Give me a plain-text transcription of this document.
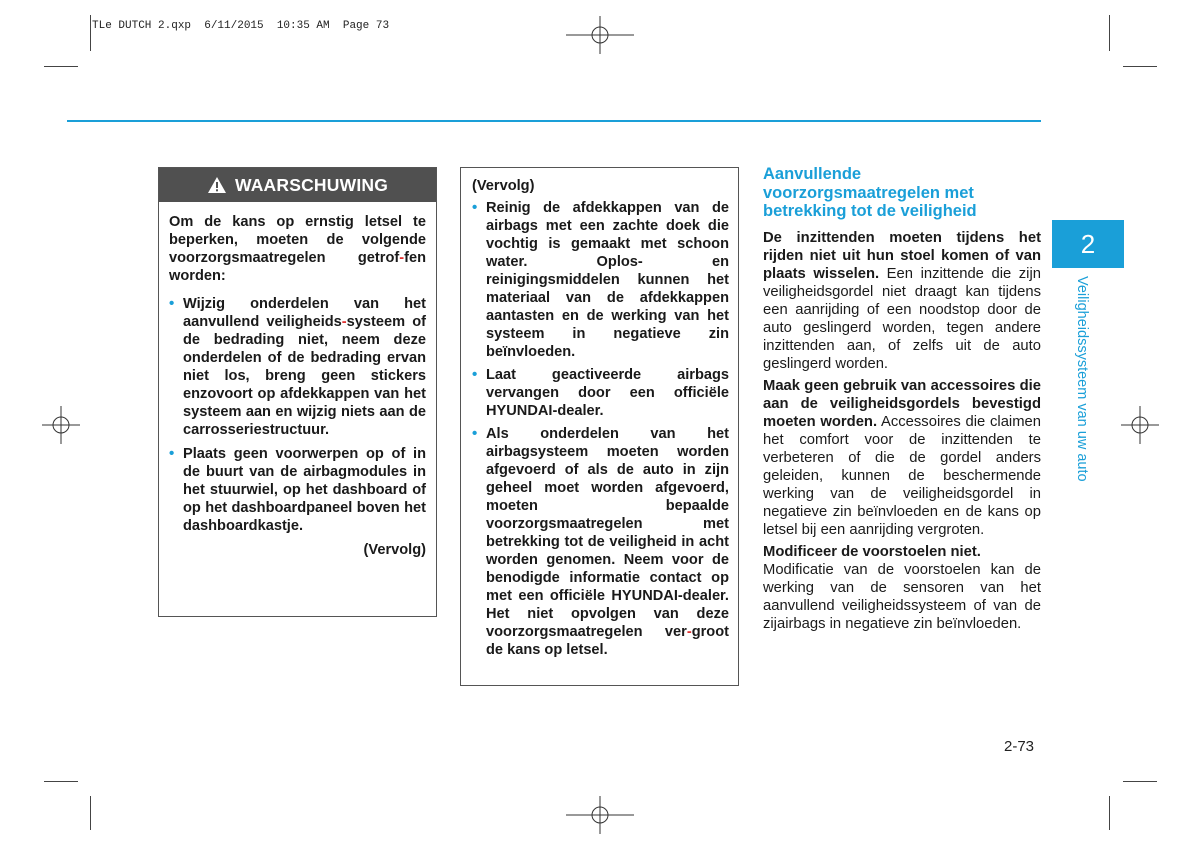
TLe DUTCH 2.qxp  6/11/2015  10:35 AM  Page 73
WAARSCHUWING
Om de kans op ernstig letsel te beperken, moeten de volgende voorzorgsmaatregelen getrof-fen worden:
• Wijzig onderdelen van het aanvullend veiligheids-systeem of de bedrading niet, neem deze onderdelen of de bedrading ervan niet los, breng geen stickers enzovoort op afdekkappen van het systeem aan en wijzig niets aan de carrosseriestructuur.
• Plaats geen voorwerpen op of in de buurt van de airbagmodules in het stuurwiel, op het dashboard of op het dashboardpaneel boven het dashboardkastje.
(Vervolg)
(Vervolg)
• Reinig de afdekkappen van de airbags met een zachte doek die vochtig is gemaakt met schoon water. Oplos- en reinigingsmiddelen kunnen het materiaal van de afdekkappen aantasten en de werking van het systeem in negatieve zin beïnvloeden.
• Laat geactiveerde airbags vervangen door een officiële HYUNDAI-dealer.
• Als onderdelen van het airbagsysteem moeten worden afgevoerd of als de auto in zijn geheel moet worden afgevoerd, moeten bepaalde voorzorgsmaatregelen met betrekking tot de veiligheid in acht worden genomen. Neem voor de benodigde informatie contact op met een officiële HYUNDAI-dealer. Het niet opvolgen van deze voorzorgsmaatregelen ver-groot de kans op letsel.
Aanvullende voorzorgsmaatregelen met betrekking tot de veiligheid
De inzittenden moeten tijdens het rijden niet uit hun stoel komen of van plaats wisselen. Een inzittende die zijn veiligheidsgordel niet draagt kan tijdens een aanrijding of een noodstop door de auto geslingerd worden, tegen andere inzittenden aan, of zelfs uit de auto geslingerd worden.
Maak geen gebruik van accessoires die aan de veiligheidsgordels bevestigd moeten worden. Accessoires die claimen het comfort voor de inzittenden te verbeteren of die de gordel anders geleiden, kunnen de beschermende werking van de veiligheidsgordel in negatieve zin beïnvloeden en de kans op letsel bij een aanrijding vergroten.
Modificeer de voorstoelen niet.
Modificatie van de voorstoelen kan de werking van de sensoren van het aanvullend veiligheidssysteem of van de zijairbags in negatieve zin beïnvloeden.
2-73
2
Veiligheidssysteem van uw auto
